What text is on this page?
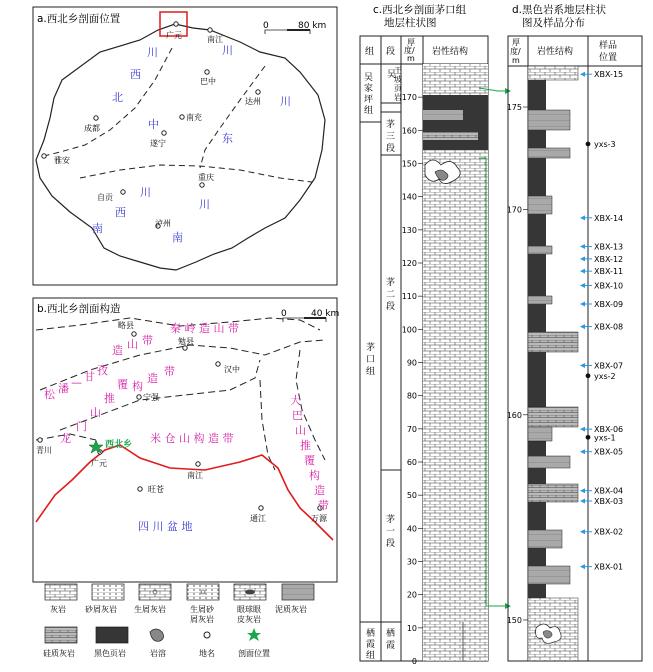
a.西北乡剖面位置
0	80 km
广元	南江
巴中
达州
南充
遂宁
成都
雅安
重庆
自贡
泸州
川
西
北
中
川
东
川
西
南
川
南
川
b.西北乡剖面构造	0	40 km
略县
勉县
汉中
宁强
青川
广元
南江
旺苍
通江	万源
西北乡
秦 岭 造 山 带
松 潘 — 甘 孜
造 山 带
龙
门
山
推
覆 构
造
带
米 仓 山 构 造 带
大
巴
山
推
覆
构
造
带
四 川 盆 地
灰岩 砂屑灰岩 生屑灰岩	生屑砂
屑灰岩
眼球眼
皮灰岩
泥质灰岩
硅质灰岩 黑色页岩	岩溶	地名	剖面位置
c.西北乡剖面茅口组
地层柱状图
组 段
厚
度/
m
岩性结构
吴
家
坪
组
茅
口
组
栖
霞
组
吴
王
坡
页
岩
茅
三
段
茅
二
段
茅
一
段
栖
霞
0
10
20
30
40
50
60
70
80
90
100
110
120
130
140
150
160
170
d.黑色岩系地层柱状
图及样品分布
厚
度/
m
岩性结构
样品
位置
150
160
170
175
XBX-15
yxs-3
XBX-14
XBX-13
XBX-12
XBX-11
XBX-10
XBX-09
XBX-08
XBX-07
yxs-2
XBX-06
yxs-1
XBX-05
XBX-04
XBX-03
XBX-02
XBX-01
